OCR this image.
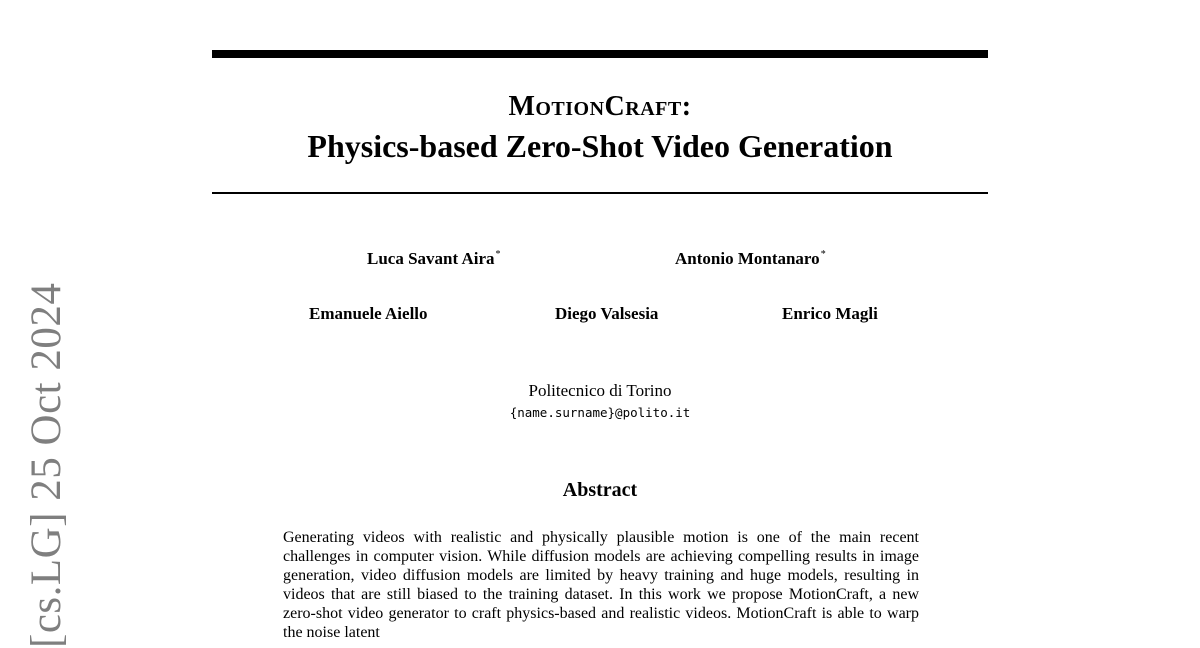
MotionCraft:
Physics-based Zero-Shot Video Generation
Luca Savant Aira*	Antonio Montanaro*
Emanuele Aiello	Diego Valsesia	Enrico Magli
Politecnico di Torino
{name.surname}@polito.it
Abstract
Generating videos with realistic and physically plausible motion is one of the main recent challenges in computer vision. While diffusion models are achieving compelling results in image generation, video diffusion models are limited by heavy training and huge models, resulting in videos that are still biased to the training dataset. In this work we propose MotionCraft, a new zero-shot video generator to craft physics-based and realistic videos. MotionCraft is able to warp the noise latent
[cs.LG] 25 Oct 2024
